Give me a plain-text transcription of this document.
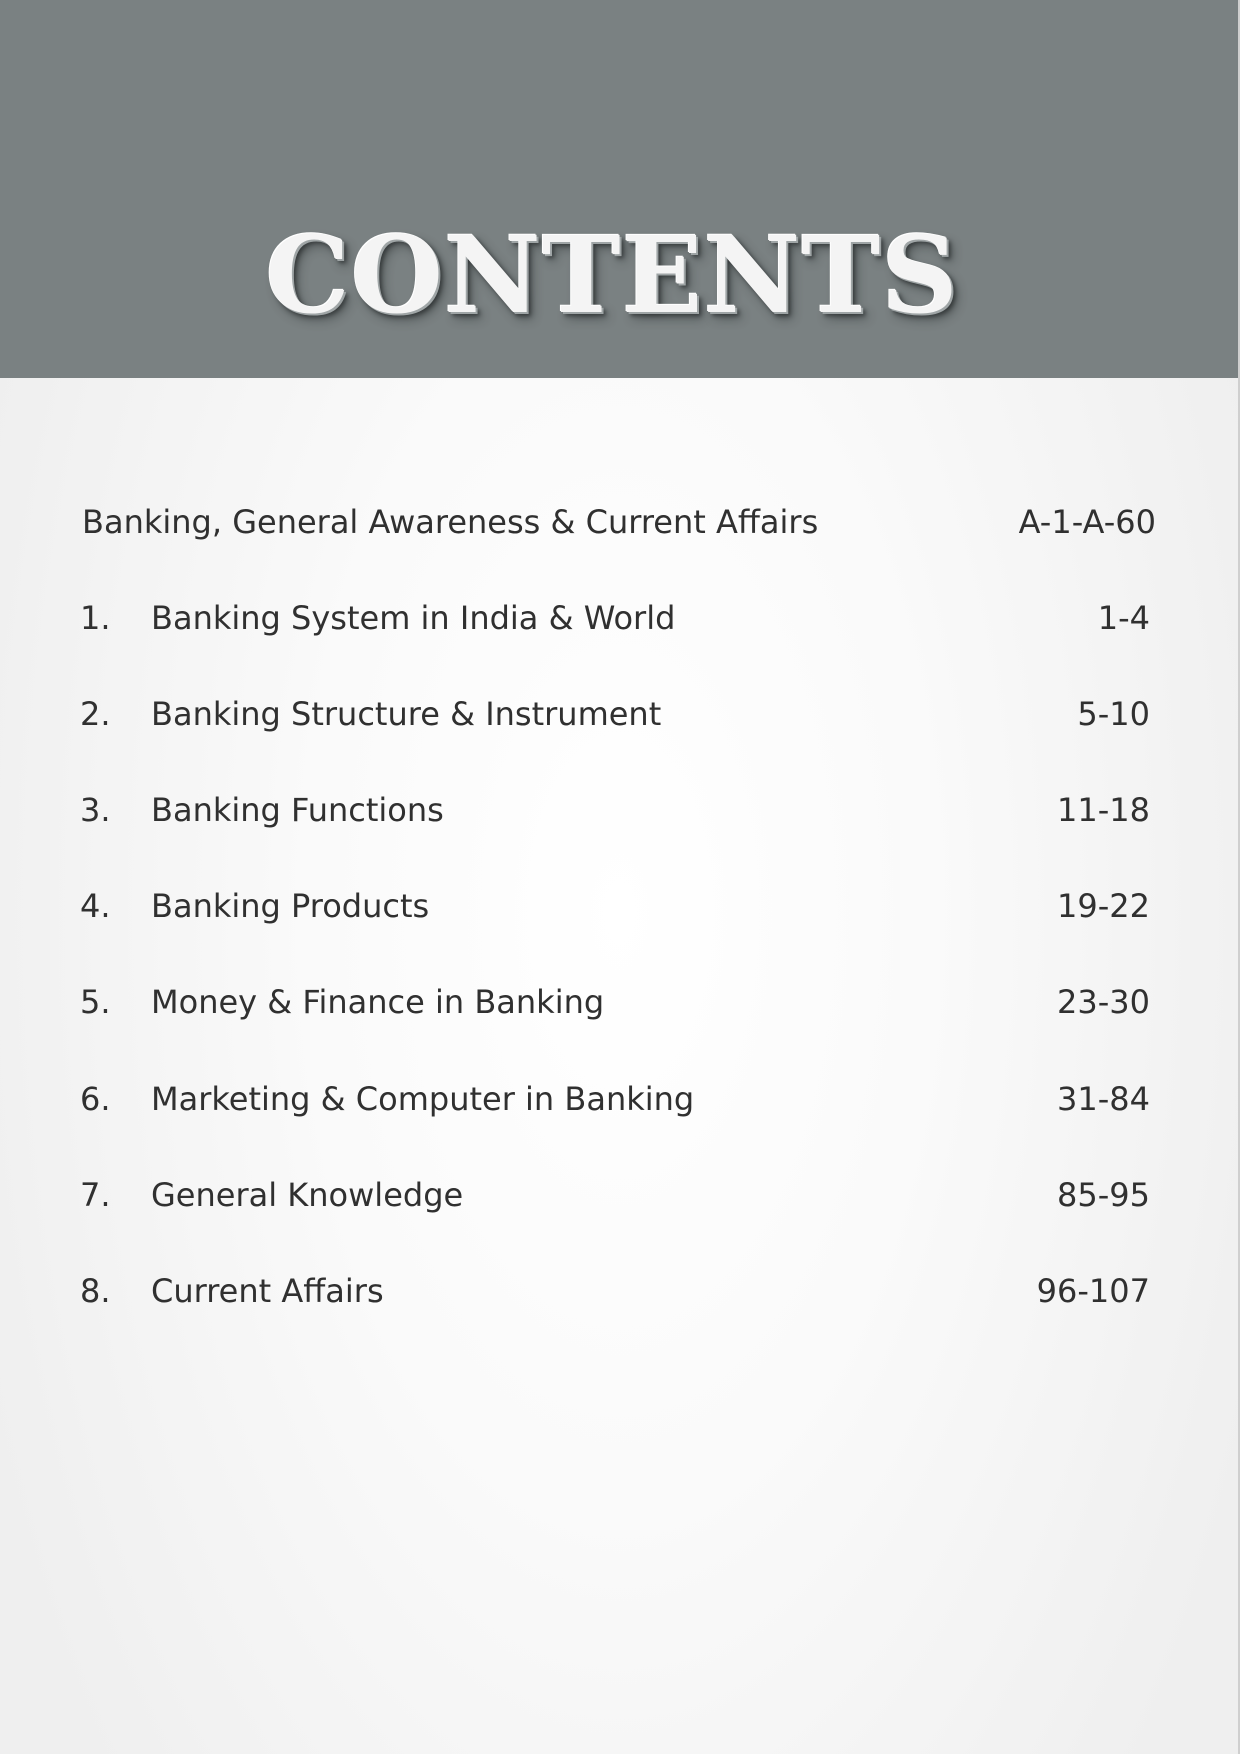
CONTENTS
Banking, General Awareness & Current Affairs	A-1-A-60
1. Banking System in India & World	1-4
2. Banking Structure & Instrument	5-10
3. Banking Functions	11-18
4. Banking Products	19-22
5. Money & Finance in Banking	23-30
6. Marketing & Computer in Banking	31-84
7. General Knowledge	85-95
8. Current Affairs	96-107
